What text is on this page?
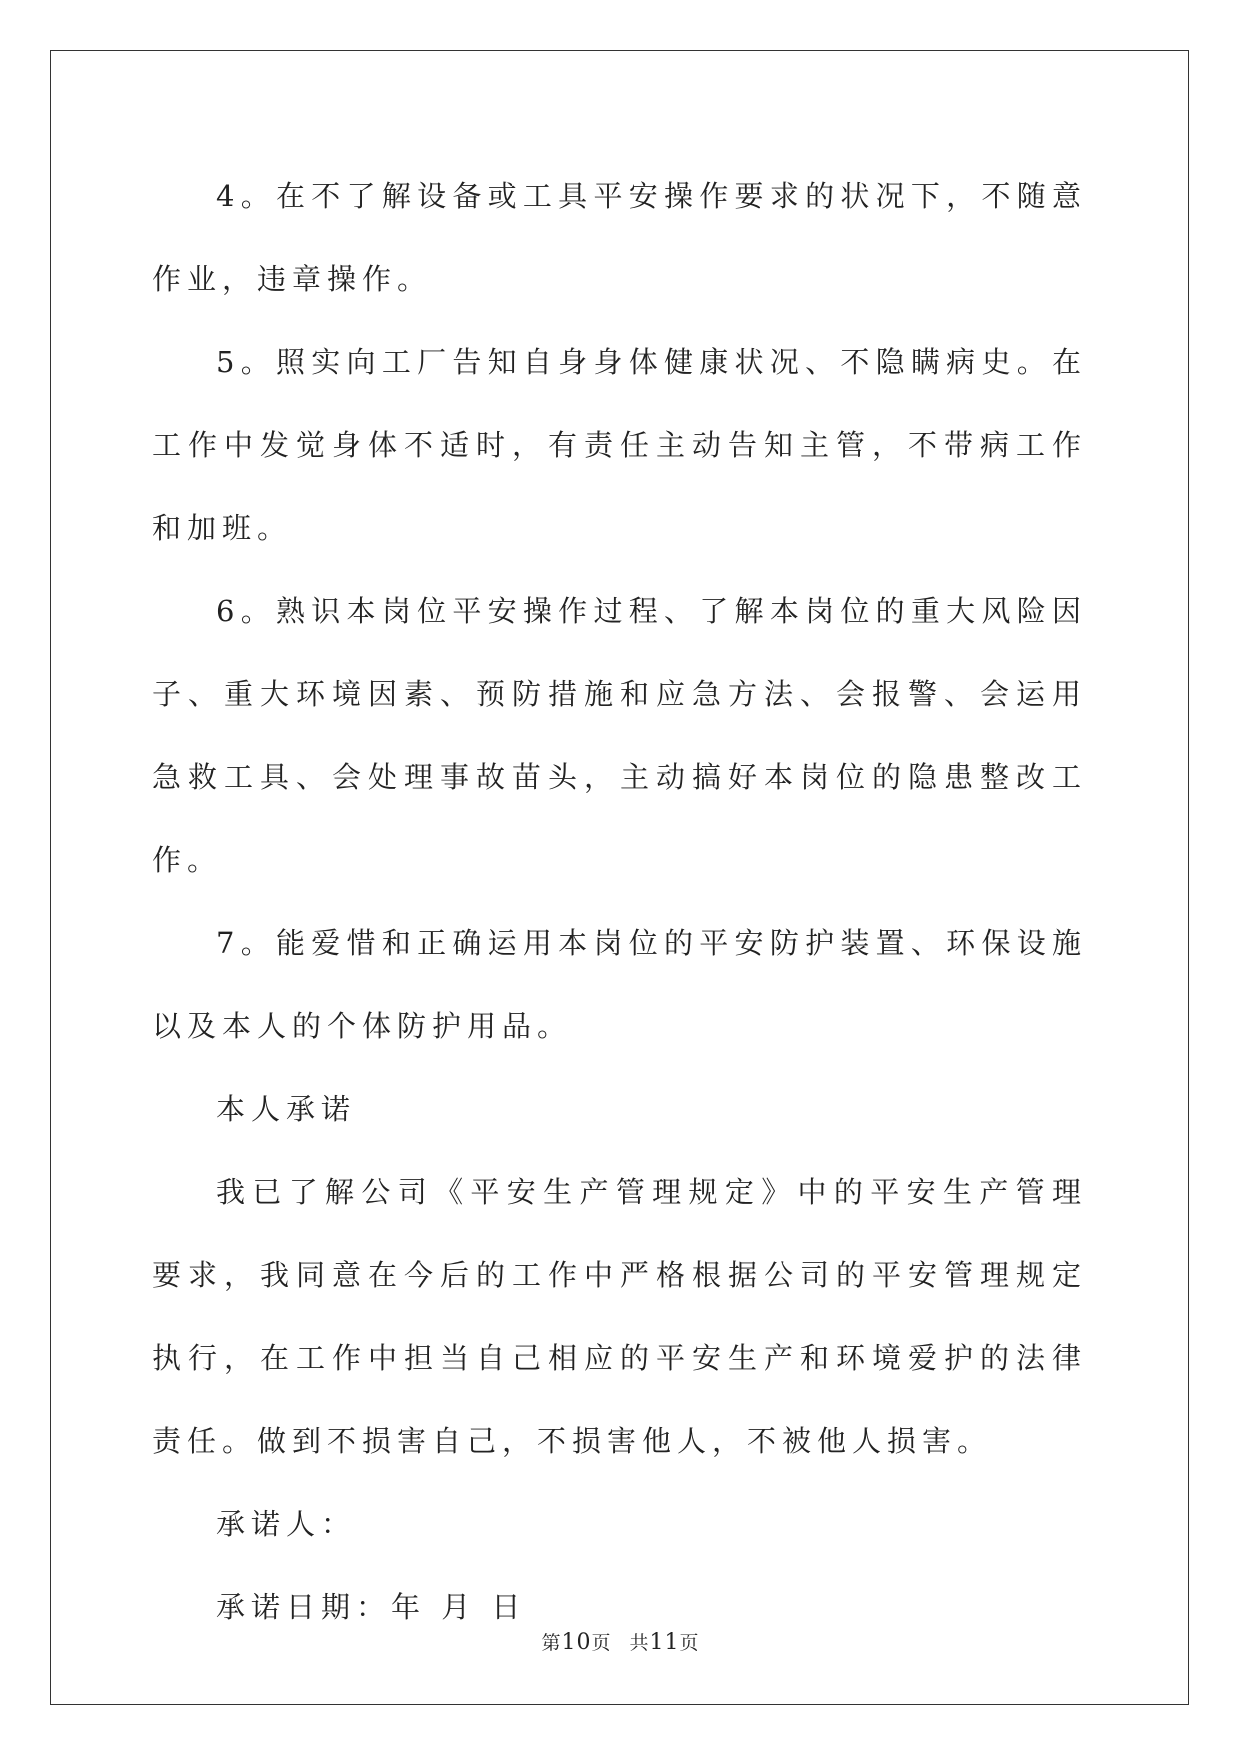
4。在不了解设备或工具平安操作要求的状况下，不随意作业，违章操作。

5。照实向工厂告知自身身体健康状况、不隐瞒病史。在工作中发觉身体不适时，有责任主动告知主管，不带病工作和加班。

6。熟识本岗位平安操作过程、了解本岗位的重大风险因子、重大环境因素、预防措施和应急方法、会报警、会运用急救工具、会处理事故苗头，主动搞好本岗位的隐患整改工作。

7。能爱惜和正确运用本岗位的平安防护装置、环保设施以及本人的个体防护用品。

本人承诺

我已了解公司《平安生产管理规定》中的平安生产管理要求，我同意在今后的工作中严格根据公司的平安管理规定执行，在工作中担当自己相应的平安生产和环境爱护的法律责任。做到不损害自己，不损害他人，不被他人损害。

承诺人：

承诺日期：年 月 日

第10页 共11页
